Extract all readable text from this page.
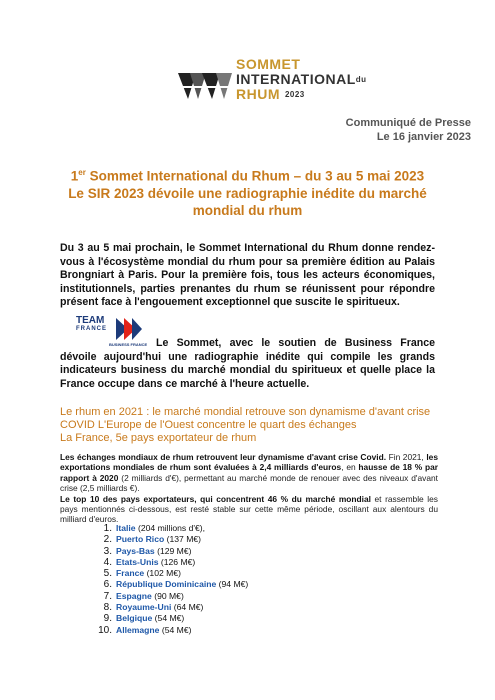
SOMMET
INTERNATIONALdu
RHUM 2023
Communiqué de Presse
Le 16 janvier 2023
1er Sommet International du Rhum – du 3 au 5 mai 2023
Le SIR 2023 dévoile une radiographie inédite du marché
mondial du rhum
Du 3 au 5 mai prochain, le Sommet International du Rhum donne rendez-vous à l'écosystème mondial du rhum pour sa première édition au Palais Brongniart à Paris. Pour la première fois, tous les acteurs économiques, institutionnels, parties prenantes du rhum se réunissent pour répondre présent face à l'engouement exceptionnel que suscite le spiritueux.
TEAM
FRANCE
BUSINESS FRANCE Le Sommet, avec le soutien de Business France dévoile aujourd'hui une radiographie inédite qui compile les grands indicateurs business du marché mondial du spiritueux et quelle place la France occupe dans ce marché à l'heure actuelle.
Le rhum en 2021 : le marché mondial retrouve son dynamisme d'avant crise
COVID L'Europe de l'Ouest concentre le quart des échanges
La France, 5e pays exportateur de rhum
Les échanges mondiaux de rhum retrouvent leur dynamisme d'avant crise Covid. Fin 2021, les exportations mondiales de rhum sont évaluées à 2,4 milliards d'euros, en hausse de 18 % par rapport à 2020 (2 milliards d'€), permettant au marché monde de renouer avec des niveaux d'avant crise (2,5 milliards €).
Le top 10 des pays exportateurs, qui concentrent 46 % du marché mondial et rassemble les pays mentionnés ci-dessous, est resté stable sur cette même période, oscillant aux alentours du milliard d'euros.
1. Italie (204 millions d'€),
2. Puerto Rico (137 M€)
3. Pays-Bas (129 M€)
4. Etats-Unis (126 M€)
5. France (102 M€)
6. République Dominicaine (94 M€)
7. Espagne (90 M€)
8. Royaume-Uni (64 M€)
9. Belgique (54 M€)
10. Allemagne (54 M€)
